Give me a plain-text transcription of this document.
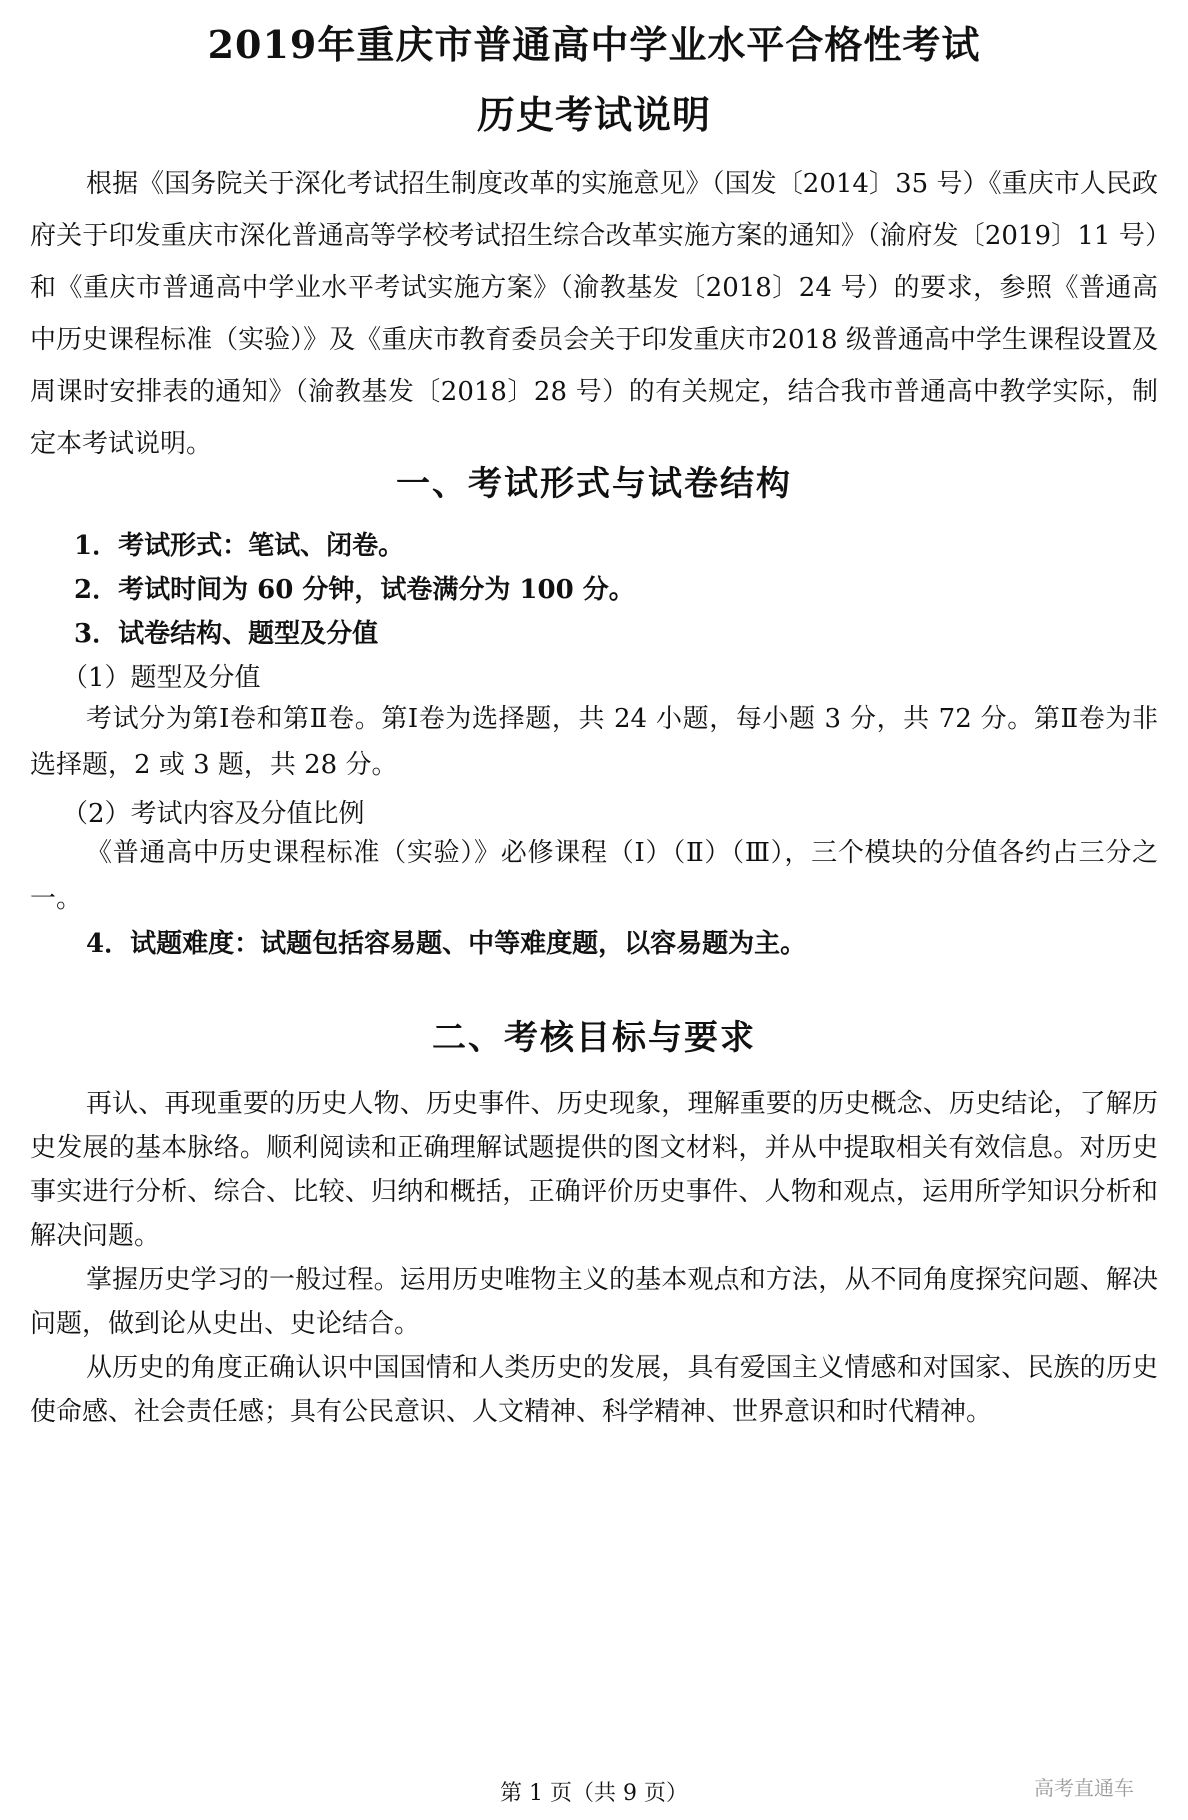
2019年重庆市普通高中学业水平合格性考试
历史考试说明
根据《国务院关于深化考试招生制度改革的实施意见》（国发〔2014〕35 号）《重庆市人民政府关于印发重庆市深化普通高等学校考试招生综合改革实施方案的通知》（渝府发〔2019〕11 号）和《重庆市普通高中学业水平考试实施方案》（渝教基发〔2018〕24 号）的要求，参照《普通高中历史课程标准（实验）》及《重庆市教育委员会关于印发重庆市2018 级普通高中学生课程设置及周课时安排表的通知》（渝教基发〔2018〕28 号）的有关规定，结合我市普通高中教学实际，制定本考试说明。
一、考试形式与试卷结构
1．考试形式：笔试、闭卷。
2．考试时间为 60 分钟，试卷满分为 100 分。
3．试卷结构、题型及分值
（1）题型及分值
考试分为第Ⅰ卷和第Ⅱ卷。第Ⅰ卷为选择题，共 24 小题，每小题 3 分，共 72 分。第Ⅱ卷为非选择题，2 或 3 题，共 28 分。
（2）考试内容及分值比例
《普通高中历史课程标准（实验）》必修课程（Ⅰ）（Ⅱ）（Ⅲ），三个模块的分值各约占三分之一。
4．试题难度：试题包括容易题、中等难度题，以容易题为主。
二、考核目标与要求
再认、再现重要的历史人物、历史事件、历史现象，理解重要的历史概念、历史结论，了解历史发展的基本脉络。顺利阅读和正确理解试题提供的图文材料，并从中提取相关有效信息。对历史事实进行分析、综合、比较、归纳和概括，正确评价历史事件、人物和观点，运用所学知识分析和解决问题。
掌握历史学习的一般过程。运用历史唯物主义的基本观点和方法，从不同角度探究问题、解决问题，做到论从史出、史论结合。
从历史的角度正确认识中国国情和人类历史的发展，具有爱国主义情感和对国家、民族的历史使命感、社会责任感；具有公民意识、人文精神、科学精神、世界意识和时代精神。
第 1 页（共 9 页）	高考直通车
